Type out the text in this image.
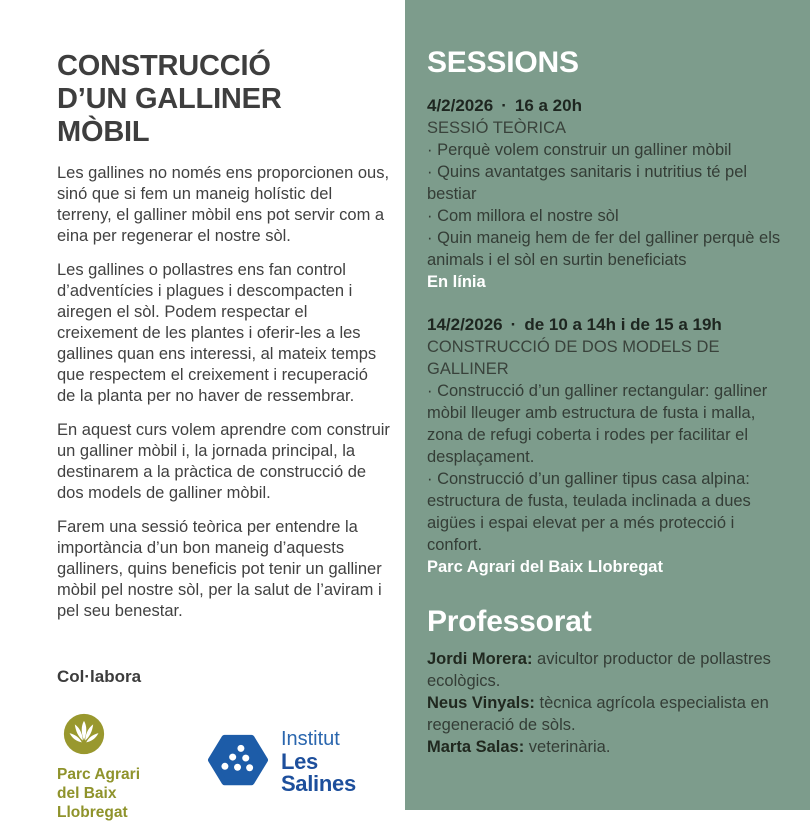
CONSTRUCCIÓ
D’UN GALLINER
MÒBIL

Les gallines no només ens proporcionen ous, sinó que si fem un maneig holístic del terreny, el galliner mòbil ens pot servir com a eina per regenerar el nostre sòl.

Les gallines o pollastres ens fan control d’adventícies i plagues i descompacten i airegen el sòl. Podem respectar el creixement de les plantes i oferir-les a les gallines quan ens interessi, al mateix temps que respectem el creixement i recuperació de la planta per no haver de ressembrar.

En aquest curs volem aprendre com construir un galliner mòbil i, la jornada principal, la destinarem a la pràctica de construcció de dos models de galliner mòbil.

Farem una sessió teòrica per entendre la importància d’un bon maneig d’aquests galliners, quins beneficis pot tenir un galliner mòbil pel nostre sòl, per la salut de l’aviram i pel seu benestar.

Col·labora
Parc Agrari
del Baix Llobregat
Institut
Les Salines
SESSIONS
4/2/2026 · 16 a 20h
SESSIÓ TEÒRICA
· Perquè volem construir un galliner mòbil
· Quins avantatges sanitaris i nutritius té pel bestiar
· Com millora el nostre sòl
· Quin maneig hem de fer del galliner perquè els animals i el sòl en surtin beneficiats
En línia
14/2/2026 · de 10 a 14h i de 15 a 19h
CONSTRUCCIÓ DE DOS MODELS DE GALLINER
· Construcció d’un galliner rectangular: galliner mòbil lleuger amb estructura de fusta i malla, zona de refugi coberta i rodes per facilitar el desplaçament.
· Construcció d’un galliner tipus casa alpina: estructura de fusta, teulada inclinada a dues aigües i espai elevat per a més protecció i confort.
Parc Agrari del Baix Llobregat
Professorat
Jordi Morera: avicultor productor de pollastres ecològics.
Neus Vinyals: tècnica agrícola especialista en regeneració de sòls.
Marta Salas: veterinària.
